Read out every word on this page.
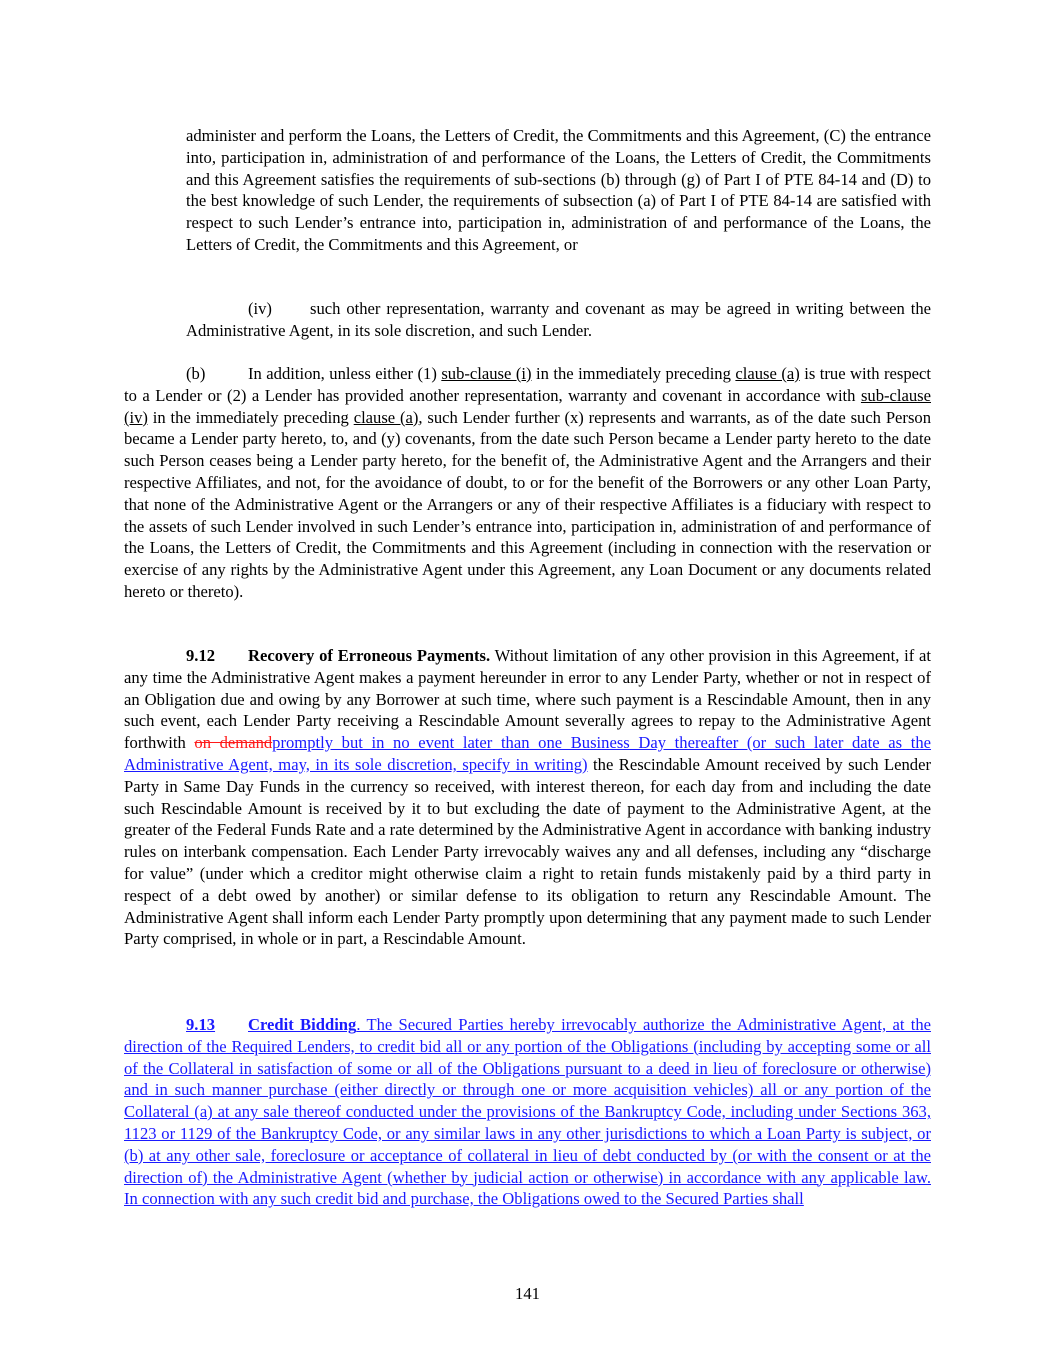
administer and perform the Loans, the Letters of Credit, the Commitments and this Agreement, (C) the entrance into, participation in, administration of and performance of the Loans, the Letters of Credit, the Commitments and this Agreement satisfies the requirements of sub-sections (b) through (g) of Part I of PTE 84-14 and (D) to the best knowledge of such Lender, the requirements of subsection (a) of Part I of PTE 84-14 are satisfied with respect to such Lender’s entrance into, participation in, administration of and performance of the Loans, the Letters of Credit, the Commitments and this Agreement, or

(iv) such other representation, warranty and covenant as may be agreed in writing between the Administrative Agent, in its sole discretion, and such Lender.

(b)	In addition, unless either (1) sub-clause (i) in the immediately preceding clause (a) is true with respect to a Lender or (2) a Lender has provided another representation, warranty and covenant in accordance with sub-clause (iv) in the immediately preceding clause (a), such Lender further (x) represents and warrants, as of the date such Person became a Lender party hereto, to, and (y) covenants, from the date such Person became a Lender party hereto to the date such Person ceases being a Lender party hereto, for the benefit of, the Administrative Agent and the Arrangers and their respective Affiliates, and not, for the avoidance of doubt, to or for the benefit of the Borrowers or any other Loan Party, that none of the Administrative Agent or the Arrangers or any of their respective Affiliates is a fiduciary with respect to the assets of such Lender involved in such Lender’s entrance into, participation in, administration of and performance of the Loans, the Letters of Credit, the Commitments and this Agreement (including in connection with the reservation or exercise of any rights by the Administrative Agent under this Agreement, any Loan Document or any documents related hereto or thereto).

9.12 Recovery of Erroneous Payments. Without limitation of any other provision in this Agreement, if at any time the Administrative Agent makes a payment hereunder in error to any Lender Party, whether or not in respect of an Obligation due and owing by any Borrower at such time, where such payment is a Rescindable Amount, then in any such event, each Lender Party receiving a Rescindable Amount severally agrees to repay to the Administrative Agent forthwith on demandpromptly but in no event later than one Business Day thereafter (or such later date as the Administrative Agent, may, in its sole discretion, specify in writing) the Rescindable Amount received by such Lender Party in Same Day Funds in the currency so received, with interest thereon, for each day from and including the date such Rescindable Amount is received by it to but excluding the date of payment to the Administrative Agent, at the greater of the Federal Funds Rate and a rate determined by the Administrative Agent in accordance with banking industry rules on interbank compensation. Each Lender Party irrevocably waives any and all defenses, including any “discharge for value” (under which a creditor might otherwise claim a right to retain funds mistakenly paid by a third party in respect of a debt owed by another) or similar defense to its obligation to return any Rescindable Amount. The Administrative Agent shall inform each Lender Party promptly upon determining that any payment made to such Lender Party comprised, in whole or in part, a Rescindable Amount.

9.13 Credit Bidding. The Secured Parties hereby irrevocably authorize the Administrative Agent, at the direction of the Required Lenders, to credit bid all or any portion of the Obligations (including by accepting some or all of the Collateral in satisfaction of some or all of the Obligations pursuant to a deed in lieu of foreclosure or otherwise) and in such manner purchase (either directly or through one or more acquisition vehicles) all or any portion of the Collateral (a) at any sale thereof conducted under the provisions of the Bankruptcy Code, including under Sections 363, 1123 or 1129 of the Bankruptcy Code, or any similar laws in any other jurisdictions to which a Loan Party is subject, or (b) at any other sale, foreclosure or acceptance of collateral in lieu of debt conducted by (or with the consent or at the direction of) the Administrative Agent (whether by judicial action or otherwise) in accordance with any applicable law. In connection with any such credit bid and purchase, the Obligations owed to the Secured Parties shall

141
